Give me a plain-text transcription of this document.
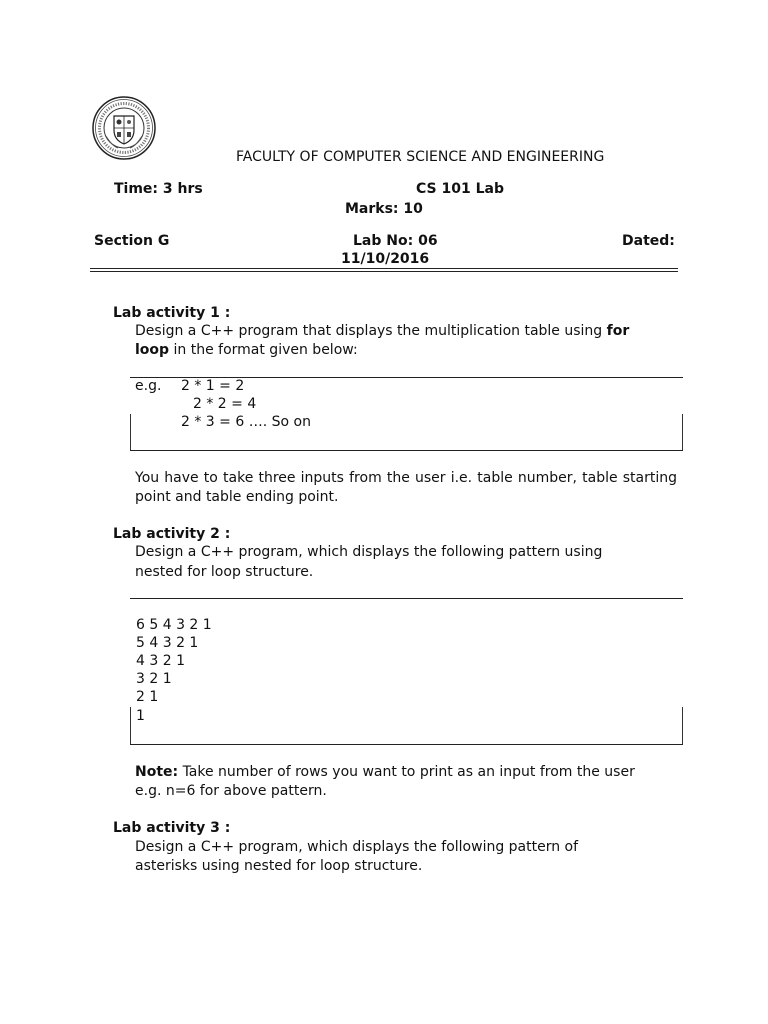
FACULTY OF COMPUTER SCIENCE AND ENGINEERING
Time: 3 hrs	CS 101 Lab
Marks: 10
Section G	Lab No: 06	Dated:
11/10/2016
Lab activity 1 :
Design a C++ program that displays the multiplication table using for
loop in the format given below:
e.g. 2 * 1 = 2
2 * 2 = 4
2 * 3 = 6 …. So on
You have to take three inputs from the user i.e. table number, table starting point and table ending point.
Lab activity 2 :
Design a C++ program, which displays the following pattern using
nested for loop structure.
6 5 4 3 2 1
5 4 3 2 1
4 3 2 1
3 2 1
2 1
1
Note: Take number of rows you want to print as an input from the user
e.g. n=6 for above pattern.
Lab activity 3 :
Design a C++ program, which displays the following pattern of
asterisks using nested for loop structure.
